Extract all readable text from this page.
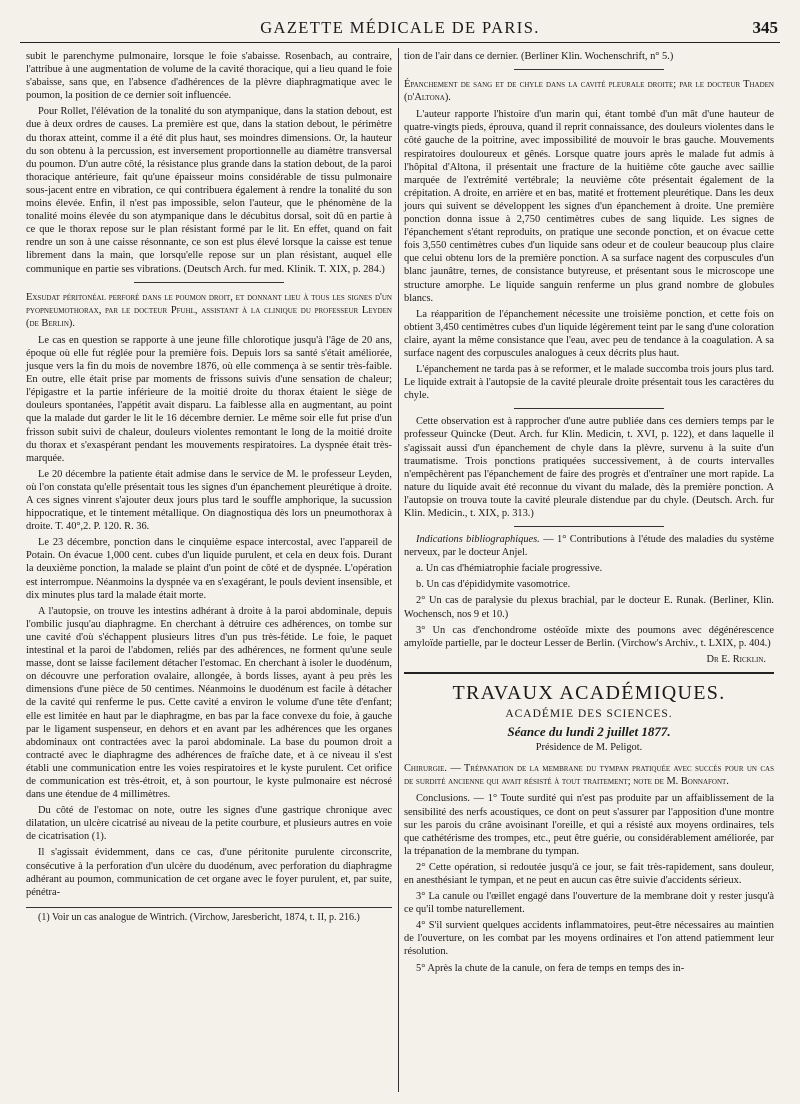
GAZETTE MÉDICALE DE PARIS.	345

subit le parenchyme pulmonaire, lorsque le foie s'abaisse. Rosenbach, au contraire, l'attribue à une augmentation de volume de la cavité thoracique, qui a lieu quand le foie s'abaisse, sans que, en l'absence d'adhérences de la plèvre diaphragmatique avec le poumon, la position de ce dernier soit influencée.

Pour Rollet, l'élévation de la tonalité du son atympanique, dans la station debout, est due à deux ordres de causes. La première est que, dans la station debout, le périmètre du thorax atteint, comme il a été dit plus haut, ses moindres dimensions. Or, la hauteur du son obtenu à la percussion, est inversement proportionnelle au diamètre transversal du poumon. D'un autre côté, la résistance plus grande dans la station debout, de la paroi thoracique antérieure, fait qu'une épaisseur moins considérable de tissu pulmonaire sous-jacent entre en vibration, ce qui contribuera également à rendre la tonalité du son moins élevée. Enfin, il n'est pas impossible, selon l'auteur, que le phénomène de la tonalité moins élevée du son atympanique dans le décubitus dorsal, soit dû en partie à ce que le thorax repose sur le plan résistant formé par le lit. En effet, quand on fait rendre un son à une caisse résonnante, ce son est plus élevé lorsque la caisse est tenue librement dans la main, que lorsqu'elle repose sur un plan résistant, auquel elle communique en partie ses vibrations. (Deutsch Arch. fur med. Klinik. T. XIX, p. 284.)

Exsudat péritonéal perforé dans le poumon droit, et donnant lieu à tous les signes d'un pyopneumothorax, par le docteur Pfuhl, assistant à la clinique du professeur Leyden (de Berlin).

Le cas en question se rapporte à une jeune fille chlorotique jusqu'à l'âge de 20 ans, époque où elle fut réglée pour la première fois. Depuis lors sa santé s'était améliorée, jusque vers la fin du mois de novembre 1876, où elle commença à se sentir très-faible. En outre, elle était prise par moments de frissons suivis d'une sensation de chaleur; l'épigastre et la partie inférieure de la moitié droite du thorax étaient le siège de douleurs spontanées, l'appétit avait disparu. La faiblesse alla en augmentant, au point que la malade dut garder le lit le 16 décembre dernier. Le même soir elle fut prise d'un frisson subit suivi de chaleur, douleurs violentes remontant le long de la moitié droite du thorax et s'exaspérant pendant les mouvements respiratoires. La dyspnée était très-marquée.

Le 20 décembre la patiente était admise dans le service de M. le professeur Leyden, où l'on constata qu'elle présentait tous les signes d'un épanchement pleurétique à droite. A ces signes vinrent s'ajouter deux jours plus tard le souffle amphorique, la sucussion hippocratique, et le tintement métallique. On diagnostiqua dès lors un pneumothorax à droite. T. 40°,2. P. 120. R. 36.

Le 23 décembre, ponction dans le cinquième espace intercostal, avec l'appareil de Potain. On évacue 1,000 cent. cubes d'un liquide purulent, et cela en deux fois. Durant la deuxième ponction, la malade se plaint d'un point de côté et de dyspnée. L'opération est interrompue. Néanmoins la dyspnée va en s'exagérant, le pouls devient insensible, et dix minutes plus tard la malade était morte.

A l'autopsie, on trouve les intestins adhérant à droite à la paroi abdominale, depuis l'ombilic jusqu'au diaphragme. En cherchant à détruire ces adhérences, on tombe sur une cavité d'où s'échappent plusieurs litres d'un pus très-fétide. Le foie, le paquet intestinal et la paroi de l'abdomen, reliés par des adhérences, ne forment qu'une seule masse, dont se laisse facilement détacher l'estomac. En cherchant à isoler le duodénum, on découvre une perforation ovalaire, allongée, à bords lisses, ayant à peu près les dimensions d'une pièce de 50 centimes. Néanmoins le duodénum est facile à détacher de la cavité qui renferme le pus. Cette cavité a environ le volume d'une tête d'enfant; elle est limitée en haut par le diaphragme, en bas par la face convexe du foie, à gauche par le ligament suspenseur, en dehors et en avant par les adhérences que les organes abdominaux ont contractées avec la paroi abdominale. La base du poumon droit a contracté avec le diaphragme des adhérences de fraîche date, et à ce niveau il s'est établi une communication entre les voies respiratoires et le kyste purulent. Cet orifice de communication est très-étroit, et, à son pourtour, le kyste pulmonaire est nécrosé dans une étendue de 4 millimètres.

Du côté de l'estomac on note, outre les signes d'une gastrique chronique avec dilatation, un ulcère cicatrisé au niveau de la petite courbure, et plusieurs autres en voie de cicatrisation (1).

Il s'agissait évidemment, dans ce cas, d'une péritonite purulente circonscrite, consécutive à la perforation d'un ulcère du duodénum, avec perforation du diaphragme adhérant au poumon, communication de cet organe avec le foyer purulent, et, par suite, pénétra-

(1) Voir un cas analogue de Wintrich. (Virchow, Jaresbericht, 1874, t. II, p. 216.)

tion de l'air dans ce dernier. (Berliner Klin. Wochenschrift, n° 5.)

Épanchement de sang et de chyle dans la cavité pleurale droite; par le docteur Thaden (d'Altona).

L'auteur rapporte l'histoire d'un marin qui, étant tombé d'un mât d'une hauteur de quatre-vingts pieds, éprouva, quand il reprit connaissance, des douleurs violentes dans le côté gauche de la poitrine, avec impossibilité de mouvoir le bras gauche. Mouvements respiratoires douloureux et gênés. Lorsque quatre jours après le malade fut admis à l'hôpital d'Altona, il présentait une fracture de la huitième côte gauche avec saillie marquée de l'extrémité vertébrale; la neuvième côte présentait également de la crépitation. A droite, en arrière et en bas, matité et frottement pleurétique. Dans les deux jours qui suivent se développent les signes d'un épanchement à droite. Une première ponction donna issue à 2,750 centimètres cubes de sang liquide. Les signes de l'épanchement s'étant reproduits, on pratique une seconde ponction, et on évacue cette fois 3,550 centimètres cubes d'un liquide sans odeur et de couleur beaucoup plus claire que celui obtenu lors de la première ponction. A sa surface nagent des corpuscules d'un blanc jaunâtre, ternes, de consistance butyreuse, et présentant sous le microscope une structure amorphe. Le liquide sanguin renferme un plus grand nombre de globules blancs.

La réapparition de l'épanchement nécessite une troisième ponction, et cette fois on obtient 3,450 centimètres cubes d'un liquide légèrement teint par le sang d'une coloration claire, ayant la même consistance que l'eau, avec peu de tendance à la coagulation. A sa surface nagent des corpuscules analogues à ceux décrits plus haut.

L'épanchement ne tarda pas à se reformer, et le malade succomba trois jours plus tard. Le liquide extrait à l'autopsie de la cavité pleurale droite présentait tous les caractères du chyle.

Cette observation est à rapprocher d'une autre publiée dans ces derniers temps par le professeur Quincke (Deut. Arch. fur Klin. Medicin, t. XVI, p. 122), et dans laquelle il s'agissait aussi d'un épanchement de chyle dans la plèvre, survenu à la suite d'un traumatisme. Trois ponctions pratiquées successivement, à de courts intervalles n'empêchèrent pas l'épanchement de faire des progrès et d'entraîner une mort rapide. La nature du liquide avait été reconnue du vivant du malade, dès la première ponction. A l'autopsie on trouva toute la cavité pleurale distendue par du chyle. (Deutsch. Arch. fur Klin. Medicin., t. XIX, p. 313.)

Indications bibliographiques. — 1° Contributions à l'étude des maladies du système nerveux, par le docteur Anjel.

a. Un cas d'hémiatrophie faciale progressive.

b. Un cas d'épididymite vasomotrice.

2° Un cas de paralysie du plexus brachial, par le docteur E. Runak. (Berliner, Klin. Wochensch, nos 9 et 10.)

3° Un cas d'enchondrome ostéoïde mixte des poumons avec dégénérescence amyloïde partielle, par le docteur Lesser de Berlin. (Virchow's Archiv., t. LXIX, p. 404.)

Dr E. Ricklin.
TRAVAUX ACADÉMIQUES.
ACADÉMIE DES SCIENCES.
Séance du lundi 2 juillet 1877.
Présidence de M. Peligot.

Chirurgie. — Trépanation de la membrane du tympan pratiquée avec succès pour un cas de surdité ancienne qui avait résisté à tout traitement; note de M. Bonnafont.

Conclusions. — 1° Toute surdité qui n'est pas produite par un affaiblissement de la sensibilité des nerfs acoustiques, ce dont on peut s'assurer par l'apposition d'une montre sur les parois du crâne avoisinant l'oreille, et qui a résisté aux moyens ordinaires, tels que cathétérisme des trompes, etc., peut être guérie, ou considérablement améliorée, par la trépanation de la membrane du tympan.

2° Cette opération, si redoutée jusqu'à ce jour, se fait très-rapidement, sans douleur, en anesthésiant le tympan, et ne peut en aucun cas être suivie d'accidents sérieux.

3° La canule ou l'œillet engagé dans l'ouverture de la membrane doit y rester jusqu'à ce qu'il tombe naturellement.

4° S'il survient quelques accidents inflammatoires, peut-être nécessaires au maintien de l'ouverture, on les combat par les moyens ordinaires et l'on attend patiemment leur résolution.

5° Après la chute de la canule, on fera de temps en temps des in-
